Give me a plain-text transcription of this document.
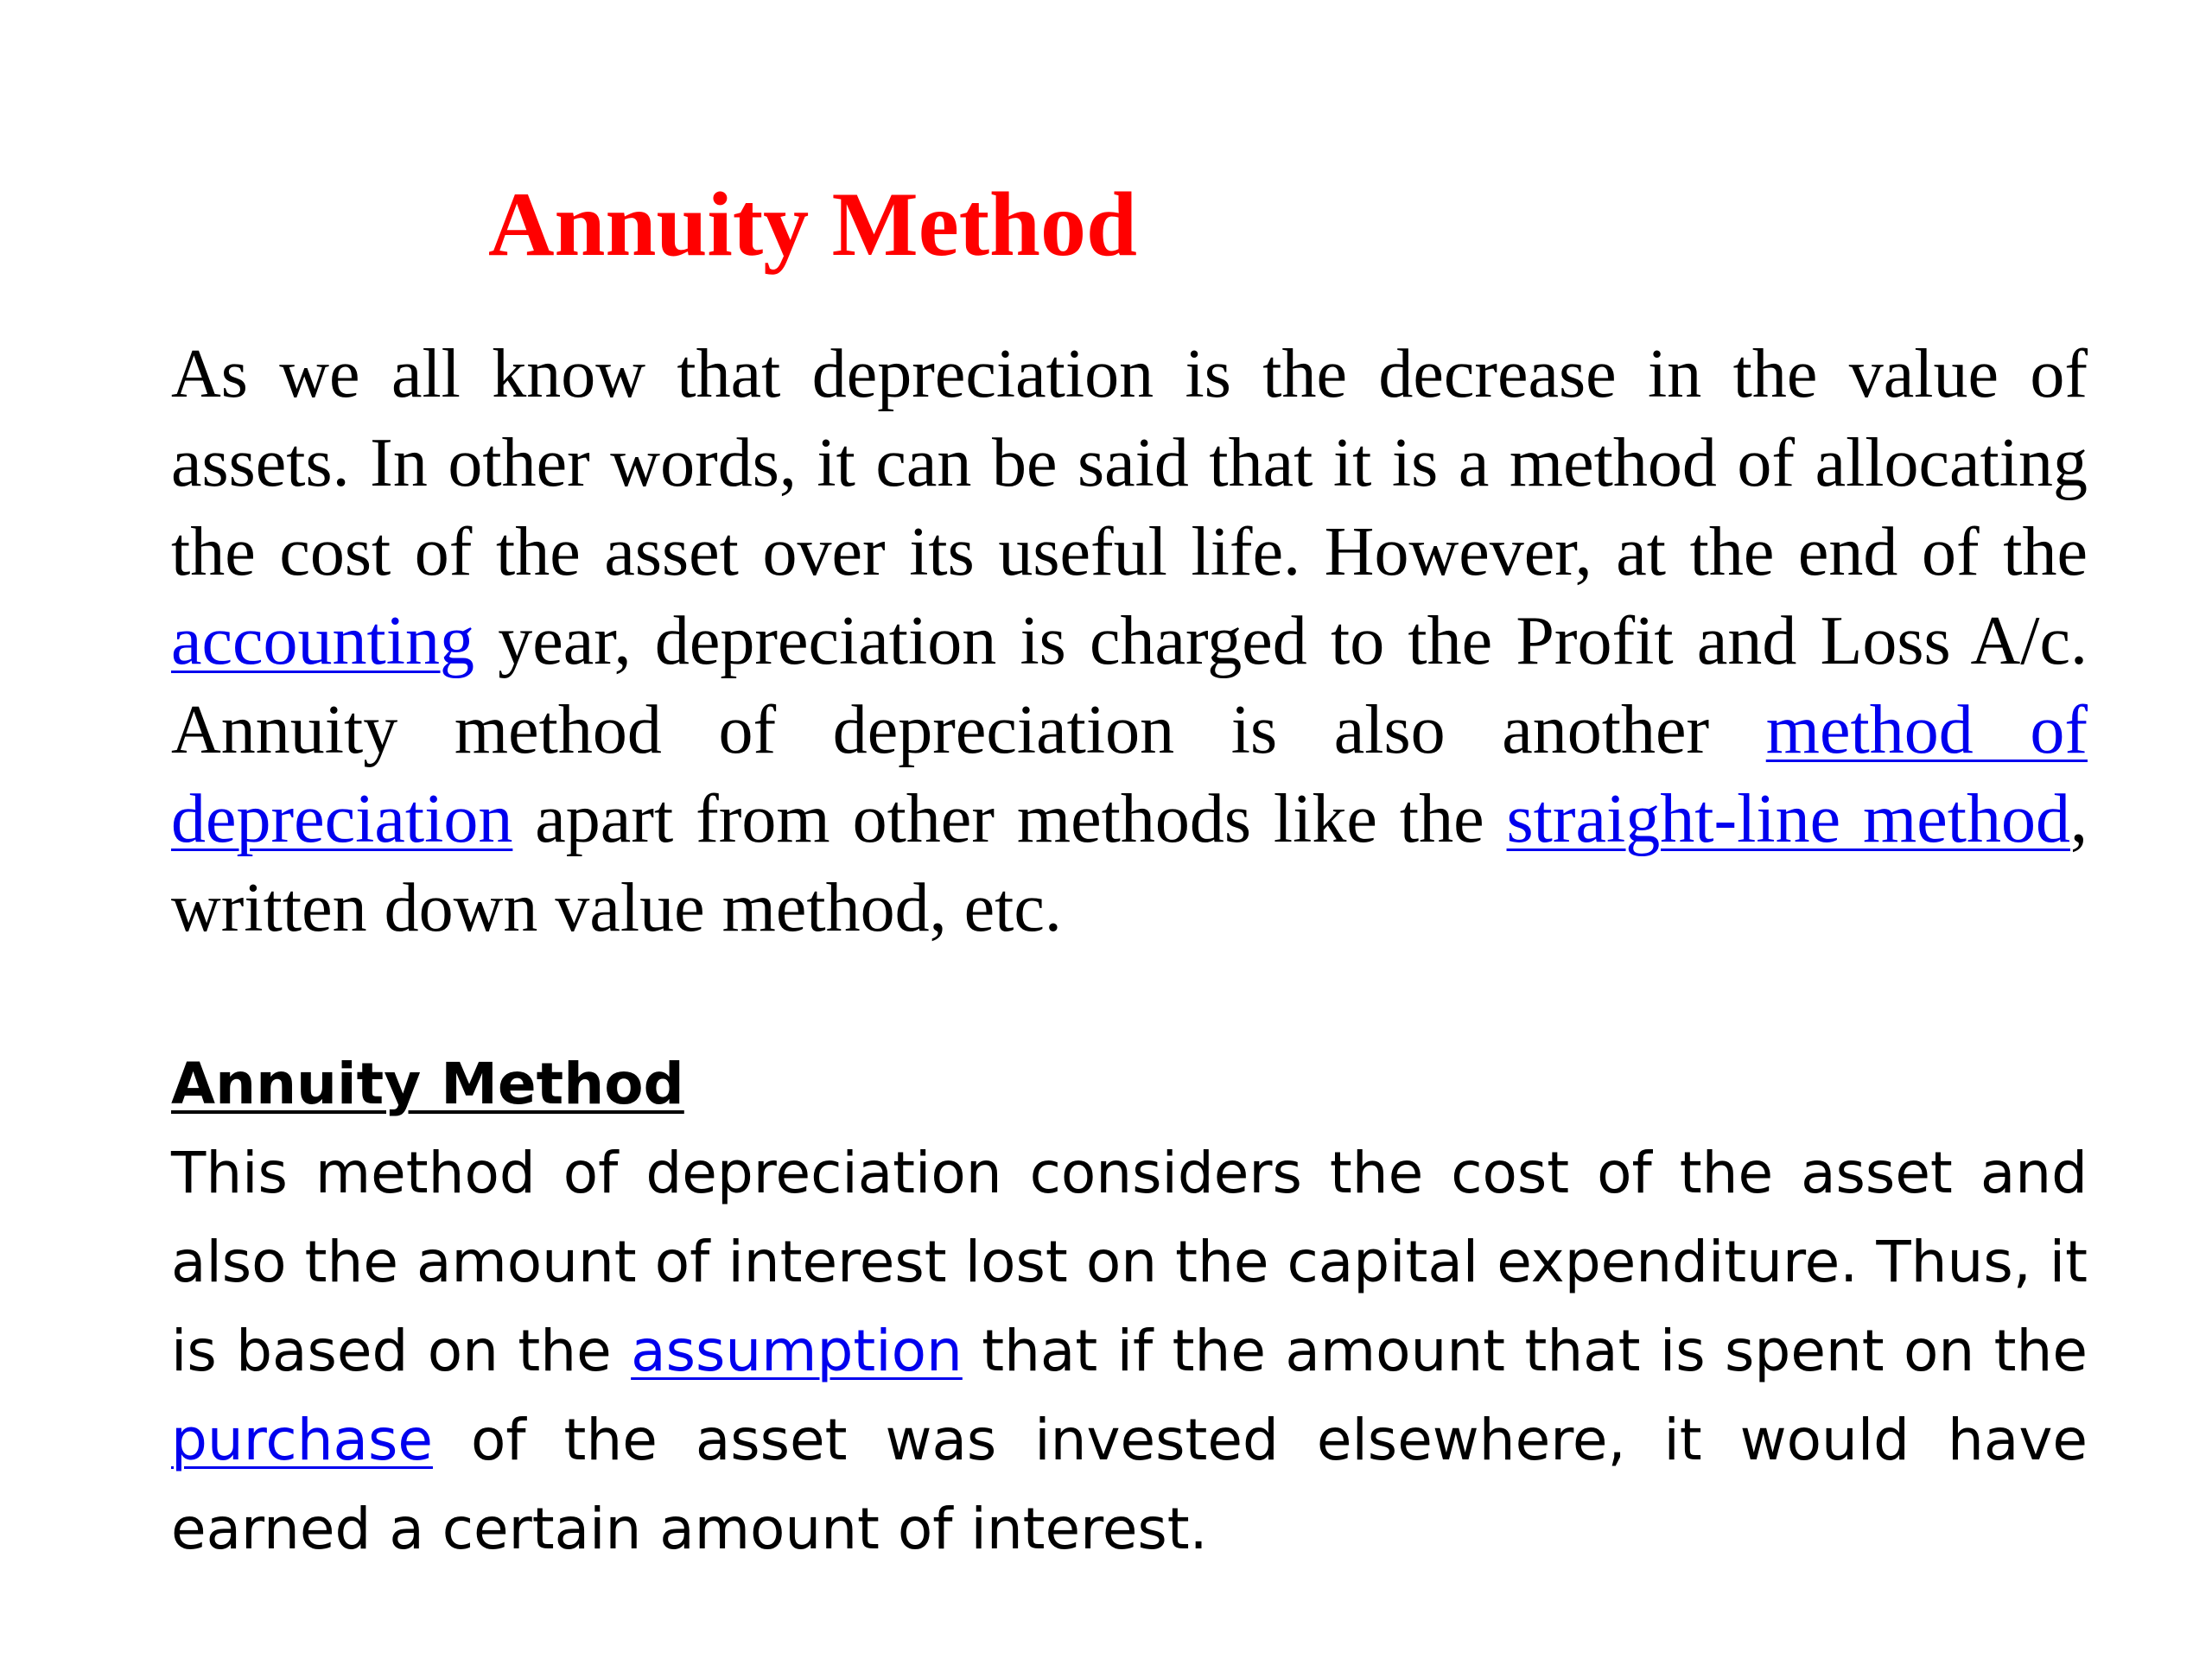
Annuity Method

As we all know that depreciation is the decrease in the value of assets. In other words, it can be said that it is a method of allocating the cost of the asset over its useful life. However, at the end of the accounting year, depreciation is charged to the Profit and Loss A/c. Annuity method of depreciation is also another method of depreciation apart from other methods like the straight-line method, written down value method, etc.

Annuity Method

This method of depreciation considers the cost of the asset and also the amount of interest lost on the capital expenditure. Thus, it is based on the assumption that if the amount that is spent on the purchase of the asset was invested elsewhere, it would have earned a certain amount of interest.
